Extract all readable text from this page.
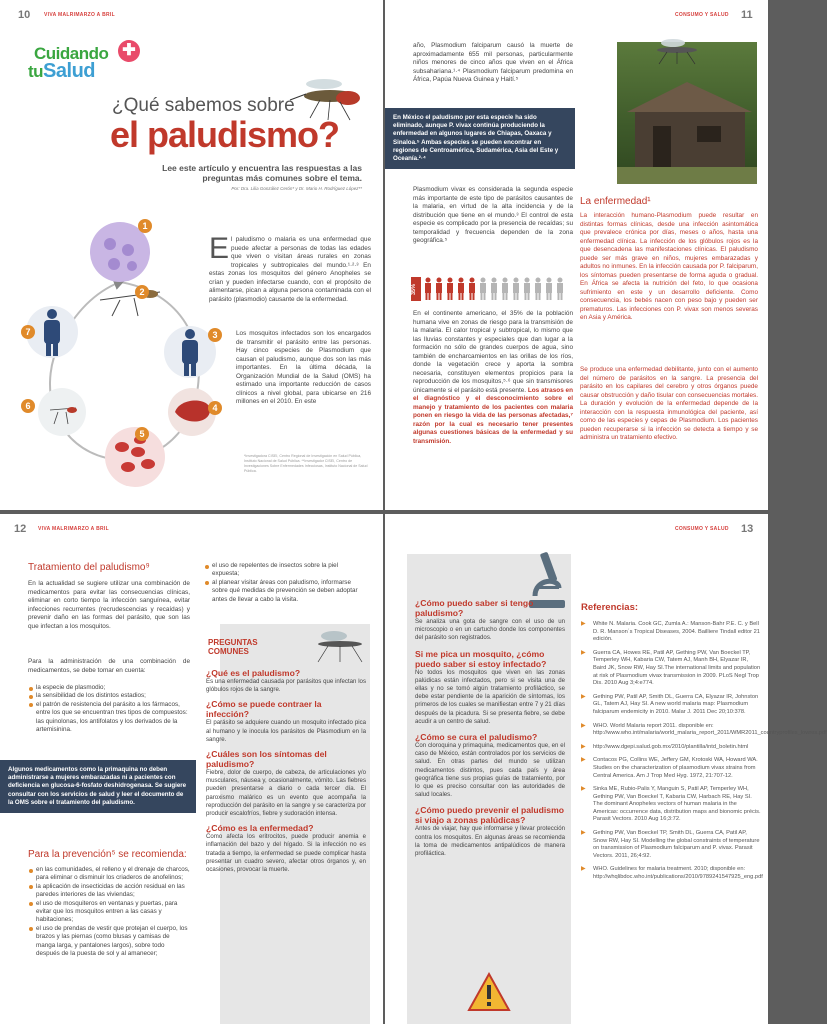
10	VIVA MALRIMARZO A BRIL
Cuidando
tuSalud
✚
¿Qué sabemos sobre
el paludismo?
Lee este artículo y encuentra las respuestas a las preguntas más comunes sobre el tema.
Por: Dra. Lilia González Cerón* y Dr. Mario H. Rodríguez López**
1
2
3
4
5
6
7
El paludismo o malaria es una enfermedad que puede afectar a personas de todas las edades que viven o visitan áreas rurales en zonas tropicales y subtropicales del mundo.¹·²·³ En estas zonas los mosquitos del género Anopheles se crían y pueden infectarse cuando, con el propósito de alimentarse, pican a alguna persona contaminada con el parásito (plasmodio) causante de la enfermedad.
Los mosquitos infectados son los encargados de transmitir el parásito entre las personas. Hay cinco especies de Plasmodium que causan el paludismo, aunque dos son las más importantes. En la última década, la Organización Mundial de la Salud (OMS) ha estimado una importante reducción de casos clínicos a nivel global, para ubicarse en 216 millones en el 2010. En este
*Investigadora CISEI, Centro Regional de Investigación en Salud Pública, Instituto Nacional de Salud Pública. **Investigador CISEI, Centro de Investigaciones Sobre Enfermedades Infecciosas, Instituto Nacional de Salud Pública.
CONSUMO Y SALUD 11
año, Plasmodium falciparum causó la muerte de aproximadamente 655 mil personas, particularmente niños menores de cinco años que viven en el África subsahariana.¹·⁴ Plasmodium falciparum predomina en África, Papúa Nueva Guinea y Haití.⁵
En México el paludismo por esta especie ha sido eliminado, aunque P. vivax continúa produciendo la enfermedad en algunos lugares de Chiapas, Oaxaca y Sinaloa.⁵ Ambas especies se pueden encontrar en regiones de Centroamérica, Sudamérica, Asia del Este y Oceanía.²·⁴
Plasmodium vivax es considerada la segunda especie más importante de este tipo de parásitos causantes de la malaria, en virtud de la alta incidencia y de la distribución que tiene en el mundo.³ El control de esta especie es complicado por la presencia de recaídas; su temporalidad y frecuencia dependen de la zona geográfica.⁵
35%
En el continente americano, el 35% de la población humana vive en zonas de riesgo para la transmisión de la malaria. El calor tropical y subtropical, lo mismo que las lluvias constantes y especiales que dan lugar a la formación no sólo de grandes cuerpos de agua, sino también de encharcamientos en las orillas de los ríos, donde la vegetación crece y aporta la sombra necesaria, constituyen elementos propicios para la reproducción de los mosquitos,⁵·⁶ que sin transmisores únicamente si el parásito está presente. Los atrasos en el diagnóstico y el desconocimiento sobre el manejo y tratamiento de los pacientes con malaria ponen en riesgo la vida de las personas afectadas,⁷ razón por la cual es necesario tener presentes algunas cuestiones básicas de la enfermedad y su transmisión.
La enfermedad¹
La interacción humano-Plasmodium puede resultar en distintas formas clínicas, desde una infección asintomática que prevalece crónica por días, meses o años, hasta una enfermedad clínica. La infección de los glóbulos rojos es la que desencadena las manifestaciones clínicas. El paludismo puede ser más grave en niños, mujeres embarazadas y adultos no inmunes. En la infección causada por P. falciparum, los síntomas pueden presentarse de forma aguda o gradual. En África se afecta la nutrición del feto, lo que ocasiona sufrimiento en este y un desarrollo deficiente. Como consecuencia, los bebés nacen con peso bajo y pueden ser prematuros. Las infecciones con P. vivax son menos severas en Asia y América.
Se produce una enfermedad debilitante, junto con el aumento del número de parásitos en la sangre. La presencia del parásito en los capilares del cerebro y otros órganos puede causar obstrucción y daño tisular con consecuencias mortales. La duración y evolución de la enfermedad depende de la interacción con la respuesta inmunológica del paciente, así como de las especies y cepas de Plasmodium. Los pacientes pueden recuperarse si la infección se detecta a tiempo y se administra un tratamiento efectivo.
12 VIVA MALRIMARZO A BRIL
Tratamiento del paludismo⁹
En la actualidad se sugiere utilizar una combinación de medicamentos para evitar las consecuencias clínicas, eliminar en corto tiempo la infección sanguínea, evitar infecciones recurrentes (recrudescencias y recaídas) y prevenir daño en las formas del parásito, que son las que infectan a los mosquitos.
Para la administración de una combinación de medicamentos, se debe tomar en cuenta:
la especie de plasmodio;
la sensibilidad de los distintos estadios;
el patrón de resistencia del parásito a los fármacos, entre los que se encuentran tres tipos de compuestos: las quinolonas, los antifolatos y los derivados de la artemisinina.
Algunos medicamentos como la primaquina no deben administrarse a mujeres embarazadas ni a pacientes con deficiencia en glucosa-6-fosfato deshidrogenasa. Se sugiere consultar con los servicios de salud y leer el documento de la OMS sobre el tratamiento del paludismo.
Para la prevención⁵ se recomienda:
en las comunidades, el relleno y el drenaje de charcos, para eliminar o disminuir los criaderos de anofelinos;
la aplicación de insecticidas de acción residual en las paredes interiores de las viviendas;
el uso de mosquiteros en ventanas y puertas, para evitar que los mosquitos entren a las casas y habitaciones;
el uso de prendas de vestir que protejan el cuerpo, los brazos y las piernas (como blusas y camisas de manga larga, y pantalones largos), sobre todo después de la puesta de sol y al amanecer;
el uso de repelentes de insectos sobre la piel expuesta;
al planear visitar áreas con paludismo, informarse sobre qué medidas de prevención se deben adoptar antes de llevar a cabo la visita.
PREGUNTAS COMUNES
¿Qué es el paludismo?
Es una enfermedad causada por parásitos que infectan los glóbulos rojos de la sangre.
¿Cómo se puede contraer la infección?
El parásito se adquiere cuando un mosquito infectado pica al humano y le inocula los parásitos de Plasmodium en la sangre.
¿Cuáles son los síntomas del paludismo?
Fiebre, dolor de cuerpo, de cabeza, de articulaciones y/o musculares, náusea y, ocasionalmente, vómito. Las fiebres pueden presentarse a diario o cada tercer día. El paroxismo malárico es un evento que acompaña la reproducción del parásito en la sangre y se caracteriza por producir escalofríos, fiebre y sudoración intensa.
¿Cómo es la enfermedad?
Como afecta los eritrocitos, puede producir anemia e inflamación del bazo y del hígado. Si la infección no es tratada a tiempo, la enfermedad se puede complicar hasta presentar un cuadro severo, afectar otros órganos y, en ocasiones, provocar la muerte.
CONSUMO Y SALUD 13
¿Cómo puedo saber si tengo paludismo?
Se analiza una gota de sangre con el uso de un microscopio o en un cartucho donde los componentes del parásito son registrados.
Si me pica un mosquito, ¿cómo puedo saber si estoy infectado?
No todos los mosquitos que viven en las zonas palúdicas están infectados, pero si se visita una de ellas y no se tomó algún tratamiento profiláctico, se debe estar pendiente de la aparición de síntomas, los primeros de los cuales se manifiestan entre 7 y 21 días después de la picadura. Si se presenta fiebre, se debe acudir a un centro de salud.
¿Cómo se cura el paludismo?
Con cloroquina y primaquina, medicamentos que, en el caso de México, están controlados por los servicios de salud. En otras partes del mundo se utilizan medicamentos distintos, pues cada país y área geográfica tiene sus propias guías de tratamiento, por lo que es preciso consultar con las autoridades de salud locales.
¿Cómo puedo prevenir el paludismo si viajo a zonas palúdicas?
Antes de viajar, hay que informarse y llevar protección contra los mosquitos. En algunas áreas se recomienda la toma de medicamentos antipalúdicos de manera profiláctica.
Referencias:
▶ White N. Malaria. Cook GC, Zumla A.: Manson-Bahr P.E. C. y Bell D. R. Manson´s Tropical Diseases, 2004. Bailliere Tindall editor 21 edición.
▶ Guerra CA, Howes RE, Patil AP, Gething PW, Van Boeckel TP, Temperley WH, Kabaria CW, Tatem AJ, Manh BH, Elyazar IR, Baird JK, Snow RW, Hay SI.The international limits and population at risk of Plasmodium vivax transmission in 2009. PLoS Negl Trop Dis. 2010 Aug 3;4:e774.
▶ Gething PW, Patil AP, Smith DL, Guerra CA, Elyazar IR, Johnston GL, Tatem AJ, Hay SI. A new world malaria map: Plasmodium falciparum endemicity in 2010. Malar J. 2011 Dec 20;10:378.
▶ WHO. World Malaria report 2011. disponible en: http://www.who.int/malaria/world_malaria_report_2011/WMR2011_countryprofiles_lowres.pdf
▶ http://www.dgepi.salud.gob.mx/2010/plantilla/intd_boletin.html
▶ Contacos PG, Collins WE, Jeffery GM, Krotoski WA, Howard WA. Studies on the characterization of plasmodium vivax strains from Central America. Am J Trop Med Hyg. 1972, 21:707-12.
▶ Sinka ME, Rubio-Palis Y, Manguin S, Patil AP, Temperley WH, Gething PW, Van Boeckel T, Kabaria CW, Harbach RE, Hay SI. The dominant Anopheles vectors of human malaria in the Americas: occurrence data, distribution maps and bionomic précis. Parasit Vectors. 2010 Aug 16;3:72.
▶ Gething PW, Van Boeckel TP, Smith DL, Guerra CA, Patil AP, Snow RW, Hay SI. Modelling the global constraints of temperature on transmission of Plasmodium falciparum and P. vivax. Parasit Vectors. 2011, 26;4:92.
▶ WHO. Guidelines for malaria treatment. 2010; disponible en: http://whqlibdoc.who.int/publications/2010/9789241547925_eng.pdf
